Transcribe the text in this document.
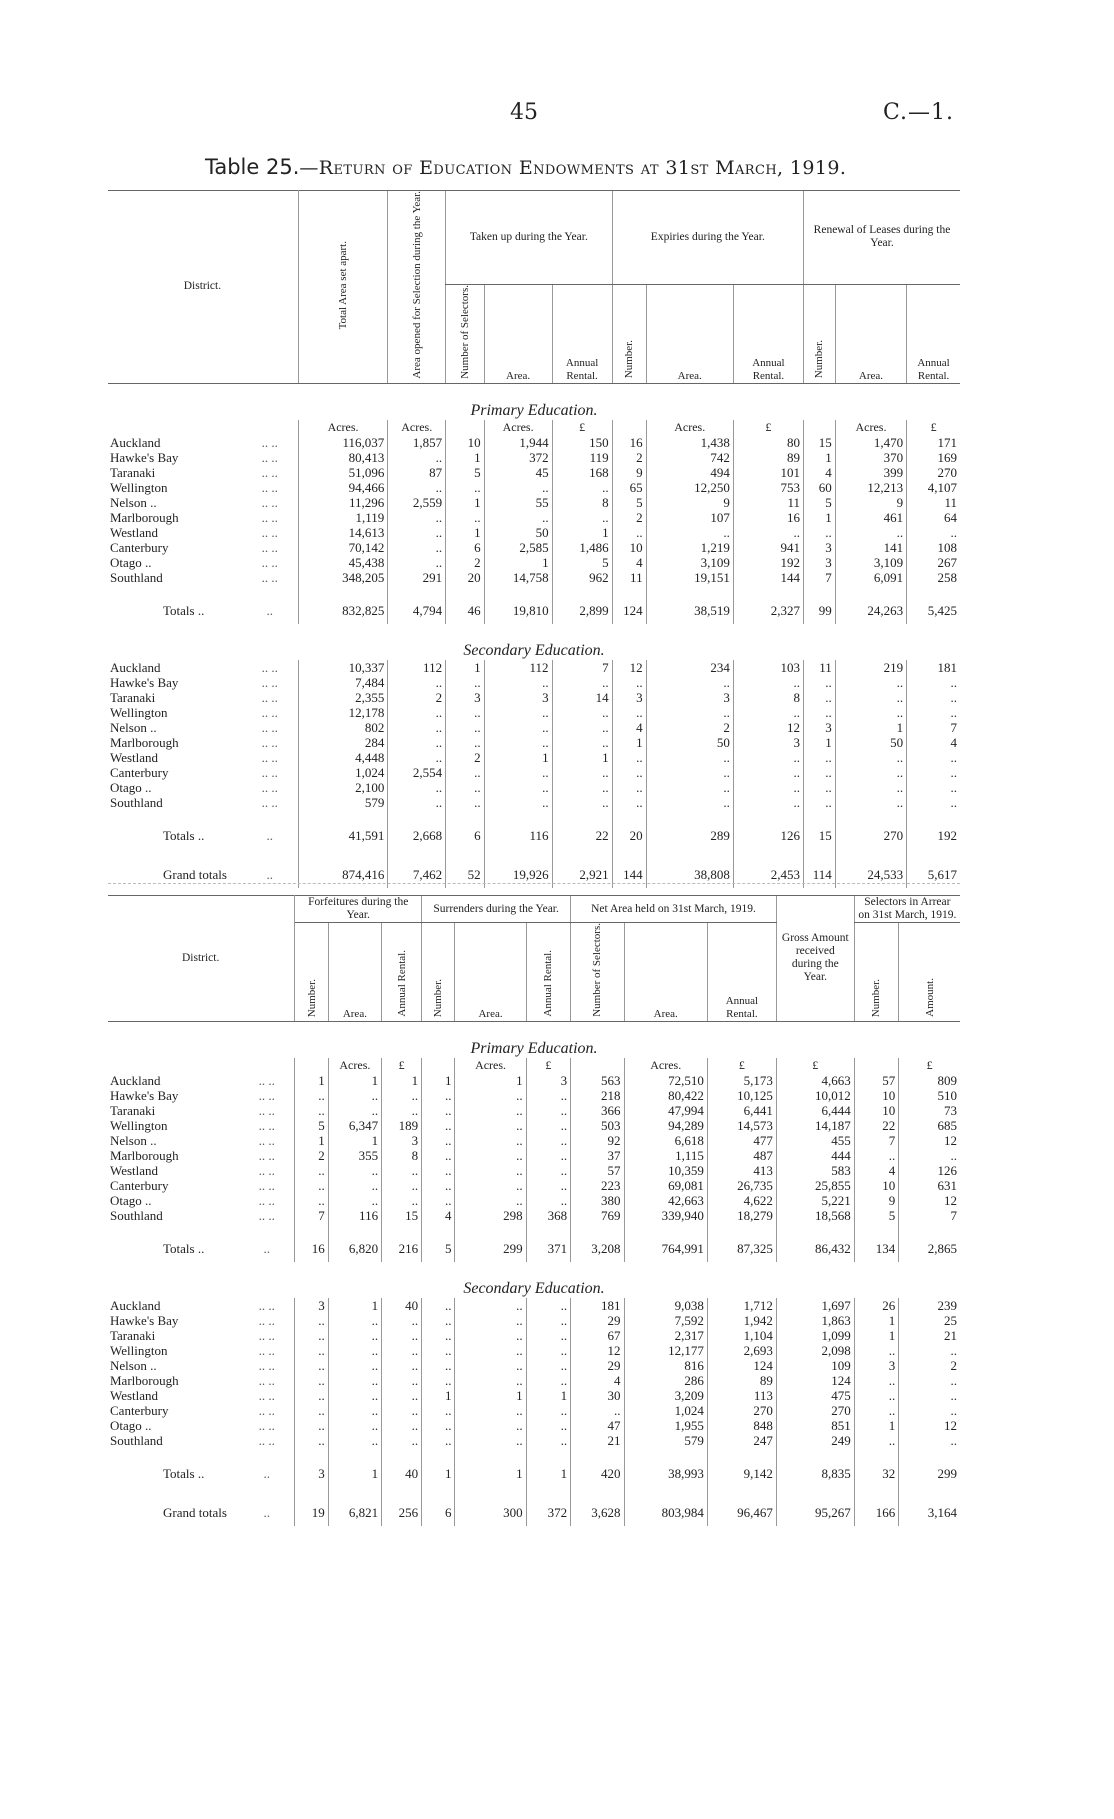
45	C.—1.
Table 25.—Return of Education Endowments at 31st March, 1919.
District.		Total Area set apart.	Area opened for Selection during the Year.	Taken up during the Year.			Expiries during the Year.			Renewal of Leases during the Year.		
				Number of Selectors.	Area.	Annual Rental.	Number.	Area.	Annual Rental.	Number.	Area.	Annual Rental.
Primary Education.												
		Acres.	Acres.		Acres.	£		Acres.	£		Acres.	£
Auckland	.. ..	116,037	1,857	10	1,944	150	16	1,438	80	15	1,470	171
Hawke's Bay	.. ..	80,413	..	1	372	119	2	742	89	1	370	169
Taranaki	.. ..	51,096	87	5	45	168	9	494	101	4	399	270
Wellington	.. ..	94,466	..	..	..	..	65	12,250	753	60	12,213	4,107
Nelson ..	.. ..	11,296	2,559	1	55	8	5	9	11	5	9	11
Marlborough	.. ..	1,119	..	..	..	..	2	107	16	1	461	64
Westland	.. ..	14,613	..	1	50	1	..	..	..	..	..	..
Canterbury	.. ..	70,142	..	6	2,585	1,486	10	1,219	941	3	141	108
Otago ..	.. ..	45,438	..	2	1	5	4	3,109	192	3	3,109	267
Southland	.. ..	348,205	291	20	14,758	962	11	19,151	144	7	6,091	258

Totals ..	..	832,825	4,794	46	19,810	2,899	124	38,519	2,327	99	24,263	5,425
Secondary Education.												
Auckland	.. ..	10,337	112	1	112	7	12	234	103	11	219	181
Hawke's Bay	.. ..	7,484	..	..	..	..	..	..	..	..	..	..
Taranaki	.. ..	2,355	2	3	3	14	3	3	8	..	..	..
Wellington	.. ..	12,178	..	..	..	..	..	..	..	..	..	..
Nelson ..	.. ..	802	..	..	..	..	4	2	12	3	1	7
Marlborough	.. ..	284	..	..	..	..	1	50	3	1	50	4
Westland	.. ..	4,448	..	2	1	1	..	..	..	..	..	..
Canterbury	.. ..	1,024	2,554	..	..	..	..	..	..	..	..	..
Otago ..	.. ..	2,100	..	..	..	..	..	..	..	..	..	..
Southland	.. ..	579	..	..	..	..	..	..	..	..	..	..

Totals ..	..	41,591	2,668	6	116	22	20	289	126	15	270	192

Grand totals	..	874,416	7,462	52	19,926	2,921	144	38,808	2,453	114	24,533	5,617
District.		Forfeitures during the Year.			Surrenders during the Year.			Net Area held on 31st March, 1919.			Gross Amount received during the Year.	Selectors in Arrear on 31st March, 1919.	
		Number.	Area.	Annual Rental.	Number.	Area.	Annual Rental.	Number of Selectors.	Area.	Annual Rental.		Number.	Amount.
Primary Education.													
			Acres.	£		Acres.	£		Acres.	£	£		£
Auckland	.. ..	1	1	1	1	1	3	563	72,510	5,173	4,663	57	809
Hawke's Bay	.. ..	..	..	..	..	..	..	218	80,422	10,125	10,012	10	510
Taranaki	.. ..	..	..	..	..	..	..	366	47,994	6,441	6,444	10	73
Wellington	.. ..	5	6,347	189	..	..	..	503	94,289	14,573	14,187	22	685
Nelson ..	.. ..	1	1	3	..	..	..	92	6,618	477	455	7	12
Marlborough	.. ..	2	355	8	..	..	..	37	1,115	487	444	..	..
Westland	.. ..	..	..	..	..	..	..	57	10,359	413	583	4	126
Canterbury	.. ..	..	..	..	..	..	..	223	69,081	26,735	25,855	10	631
Otago ..	.. ..	..	..	..	..	..	..	380	42,663	4,622	5,221	9	12
Southland	.. ..	7	116	15	4	298	368	769	339,940	18,279	18,568	5	7

Totals ..	..	16	6,820	216	5	299	371	3,208	764,991	87,325	86,432	134	2,865
Secondary Education.													
Auckland	.. ..	3	1	40	..	..	..	181	9,038	1,712	1,697	26	239
Hawke's Bay	.. ..	..	..	..	..	..	..	29	7,592	1,942	1,863	1	25
Taranaki	.. ..	..	..	..	..	..	..	67	2,317	1,104	1,099	1	21
Wellington	.. ..	..	..	..	..	..	..	12	12,177	2,693	2,098	..	..
Nelson ..	.. ..	..	..	..	..	..	..	29	816	124	109	3	2
Marlborough	.. ..	..	..	..	..	..	..	4	286	89	124	..	..
Westland	.. ..	..	..	..	1	1	1	30	3,209	113	475	..	..
Canterbury	.. ..	..	..	..	..	..	..	..	1,024	270	270	..	..
Otago ..	.. ..	..	..	..	..	..	..	47	1,955	848	851	1	12
Southland	.. ..	..	..	..	..	..	..	21	579	247	249	..	..

Totals ..	..	3	1	40	1	1	1	420	38,993	9,142	8,835	32	299

Grand totals	..	19	6,821	256	6	300	372	3,628	803,984	96,467	95,267	166	3,164
